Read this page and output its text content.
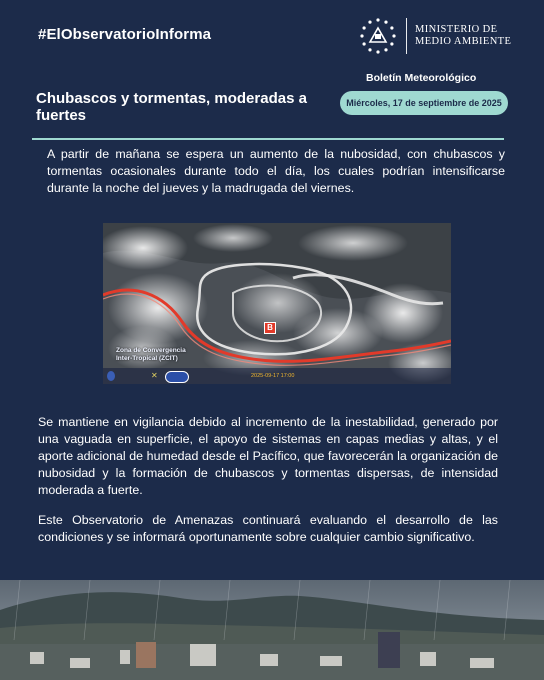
#ElObservatorioInforma	MINISTERIO DE
MEDIO AMBIENTE
Boletín Meteorológico
Miércoles, 17 de septiembre de 2025
Chubascos y tormentas, moderadas a fuertes

A partir de mañana se espera un aumento de la nubosidad, con chubascos y tormentas ocasionales durante todo el día, los cuales podrían intensificarse durante la noche del jueves y la madrugada del viernes.

Zona de Convergencia
Inter-Tropical (ZCIT)
B
✕	2025-09-17 17:00

Se mantiene en vigilancia debido al incremento de la inestabilidad, generado por una vaguada en superficie, el apoyo de sistemas en capas medias y altas, y el aporte adicional de humedad desde el Pacífico, que favorecerán la organización de nubosidad y la formación de chubascos y tormentas dispersas, de intensidad moderada a fuerte.

Este Observatorio de Amenazas continuará evaluando el desarrollo de las condiciones y se informará oportunamente sobre cualquier cambio significativo.
